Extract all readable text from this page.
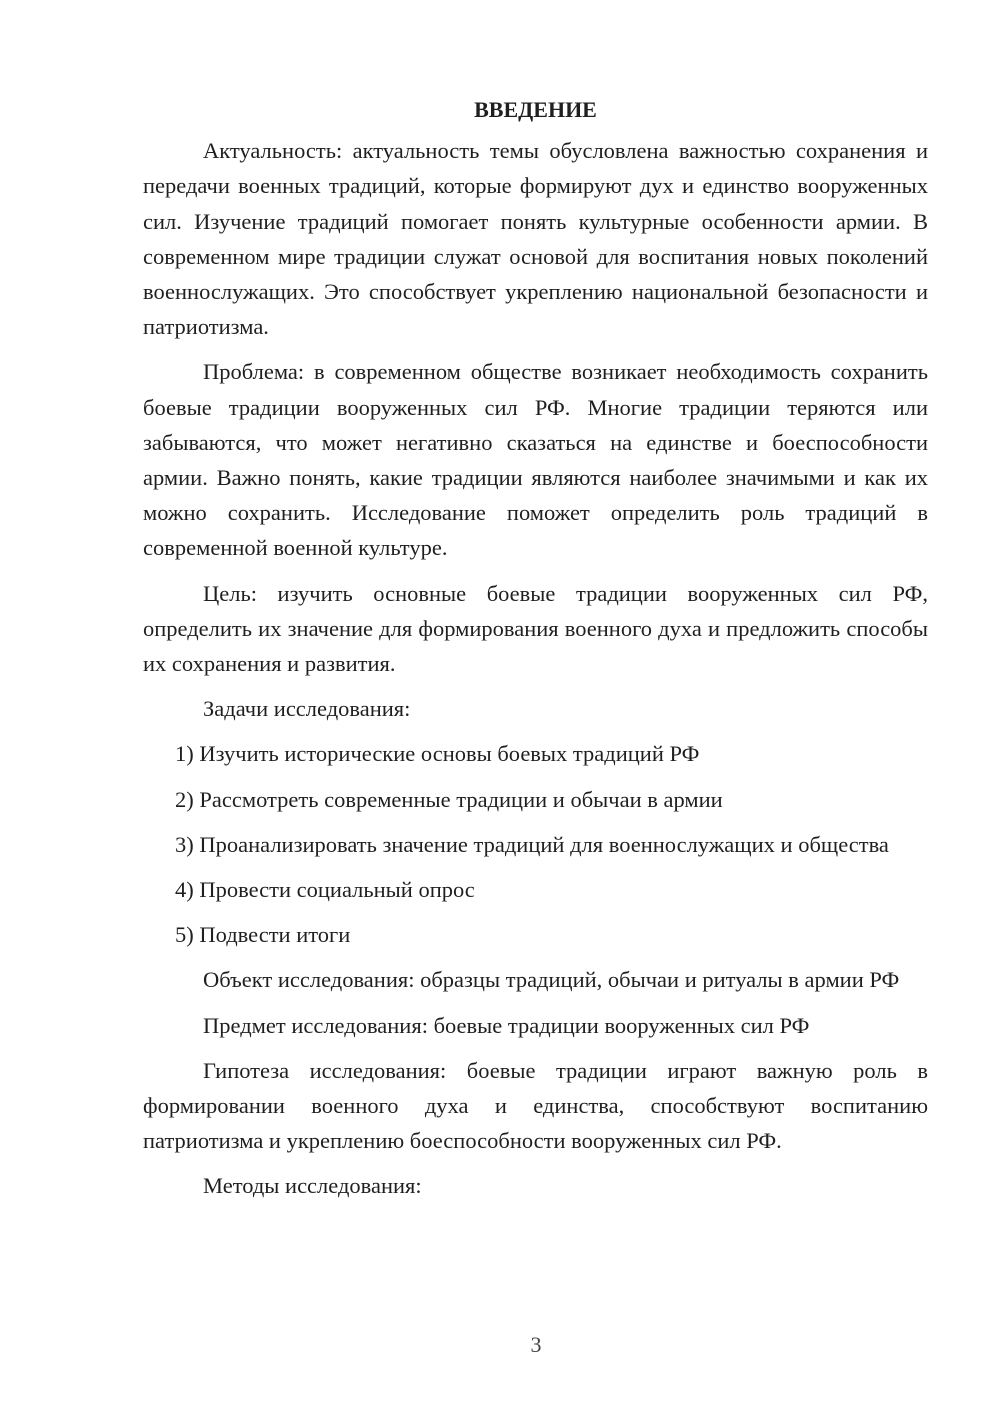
ВВЕДЕНИЕ

Актуальность: актуальность темы обусловлена важностью сохранения и передачи военных традиций, которые формируют дух и единство вооруженных сил. Изучение традиций помогает понять культурные особенности армии. В современном мире традиции служат основой для воспитания новых поколений военнослужащих. Это способствует укреплению национальной безопасности и патриотизма.

Проблема: в современном обществе возникает необходимость сохранить боевые традиции вооруженных сил РФ. Многие традиции теряются или забываются, что может негативно сказаться на единстве и боеспособности армии. Важно понять, какие традиции являются наиболее значимыми и как их можно сохранить. Исследование поможет определить роль традиций в современной военной культуре.

Цель: изучить основные боевые традиции вооруженных сил РФ, определить их значение для формирования военного духа и предложить способы их сохранения и развития.

Задачи исследования:

1) Изучить исторические основы боевых традиций РФ

2) Рассмотреть современные традиции и обычаи в армии

3) Проанализировать значение традиций для военнослужащих и общества

4) Провести социальный опрос

5) Подвести итоги

Объект исследования: образцы традиций, обычаи и ритуалы в армии РФ

Предмет исследования: боевые традиции вооруженных сил РФ

Гипотеза исследования: боевые традиции играют важную роль в формировании военного духа и единства, способствуют воспитанию патриотизма и укреплению боеспособности вооруженных сил РФ.

Методы исследования:

3
